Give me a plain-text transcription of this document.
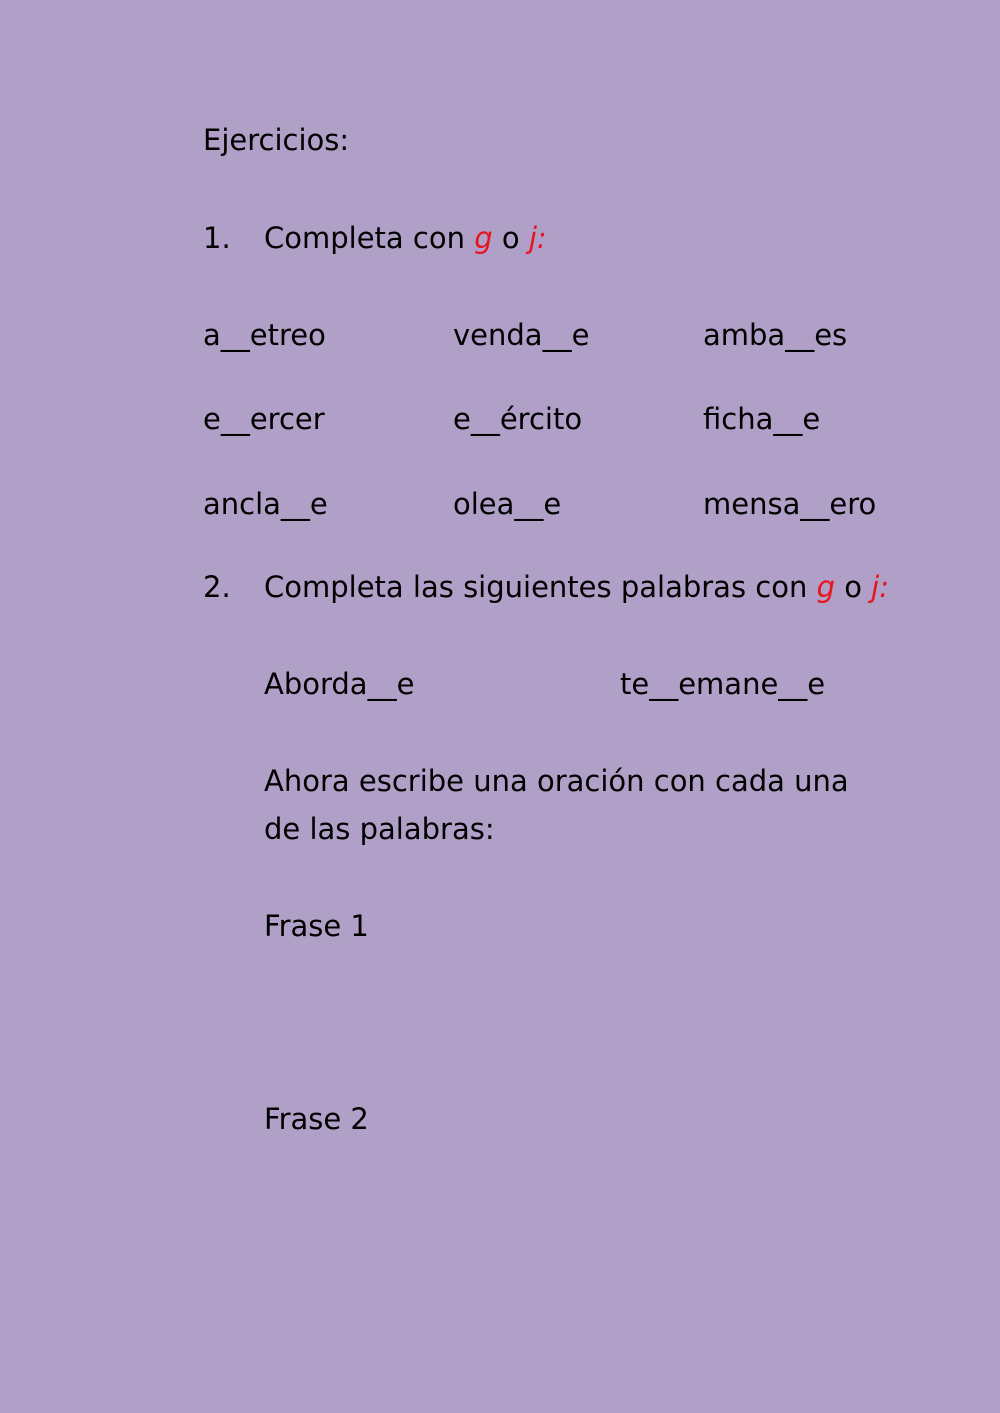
Ejercicios:
1. Completa con g o j:
a__etreo	venda__e	amba__es
e__ercer	e__ército	ficha__e
ancla__e	olea__e	mensa__ero
2. Completa las siguientes palabras con g o j:
Aborda__e	te__emane__e
Ahora escribe una oración con cada una
de las palabras:
Frase 1
Frase 2
